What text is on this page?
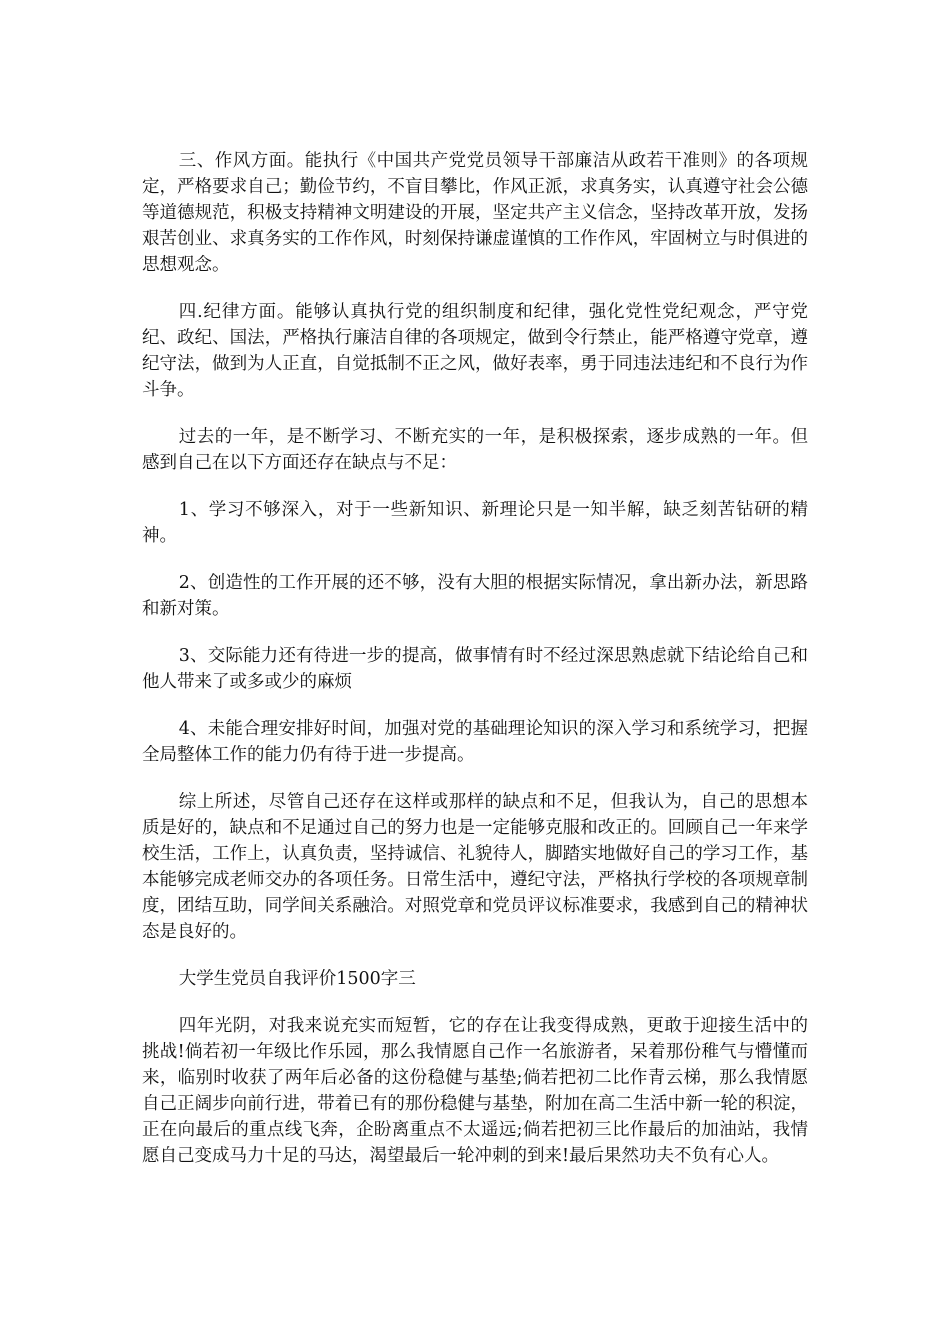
三、作风方面。能执行《中国共产党党员领导干部廉洁从政若干准则》的各项规定，严格要求自己；勤俭节约，不盲目攀比，作风正派，求真务实，认真遵守社会公德等道德规范，积极支持精神文明建设的开展，坚定共产主义信念，坚持改革开放，发扬艰苦创业、求真务实的工作作风，时刻保持谦虚谨慎的工作作风，牢固树立与时俱进的思想观念。

四.纪律方面。能够认真执行党的组织制度和纪律，强化党性党纪观念，严守党纪、政纪、国法，严格执行廉洁自律的各项规定，做到令行禁止，能严格遵守党章，遵纪守法，做到为人正直，自觉抵制不正之风，做好表率，勇于同违法违纪和不良行为作斗争。

过去的一年，是不断学习、不断充实的一年，是积极探索，逐步成熟的一年。但感到自己在以下方面还存在缺点与不足：

1、学习不够深入，对于一些新知识、新理论只是一知半解，缺乏刻苦钻研的精神。

2、创造性的工作开展的还不够，没有大胆的根据实际情况，拿出新办法，新思路和新对策。

3、交际能力还有待进一步的提高，做事情有时不经过深思熟虑就下结论给自己和他人带来了或多或少的麻烦

4、未能合理安排好时间，加强对党的基础理论知识的深入学习和系统学习，把握全局整体工作的能力仍有待于进一步提高。

综上所述，尽管自己还存在这样或那样的缺点和不足，但我认为，自己的思想本质是好的，缺点和不足通过自己的努力也是一定能够克服和改正的。回顾自己一年来学校生活，工作上，认真负责，坚持诚信、礼貌待人，脚踏实地做好自己的学习工作，基本能够完成老师交办的各项任务。日常生活中，遵纪守法，严格执行学校的各项规章制度，团结互助，同学间关系融洽。对照党章和党员评议标准要求，我感到自己的精神状态是良好的。

大学生党员自我评价1500字三

四年光阴，对我来说充实而短暂，它的存在让我变得成熟，更敢于迎接生活中的挑战!倘若初一年级比作乐园，那么我情愿自己作一名旅游者，呆着那份稚气与懵懂而来，临别时收获了两年后必备的这份稳健与基垫;倘若把初二比作青云梯，那么我情愿自己正阔步向前行进，带着已有的那份稳健与基垫，附加在高二生活中新一轮的积淀，正在向最后的重点线飞奔，企盼离重点不太遥远;倘若把初三比作最后的加油站，我情愿自己变成马力十足的马达，渴望最后一轮冲刺的到来!最后果然功夫不负有心人。
